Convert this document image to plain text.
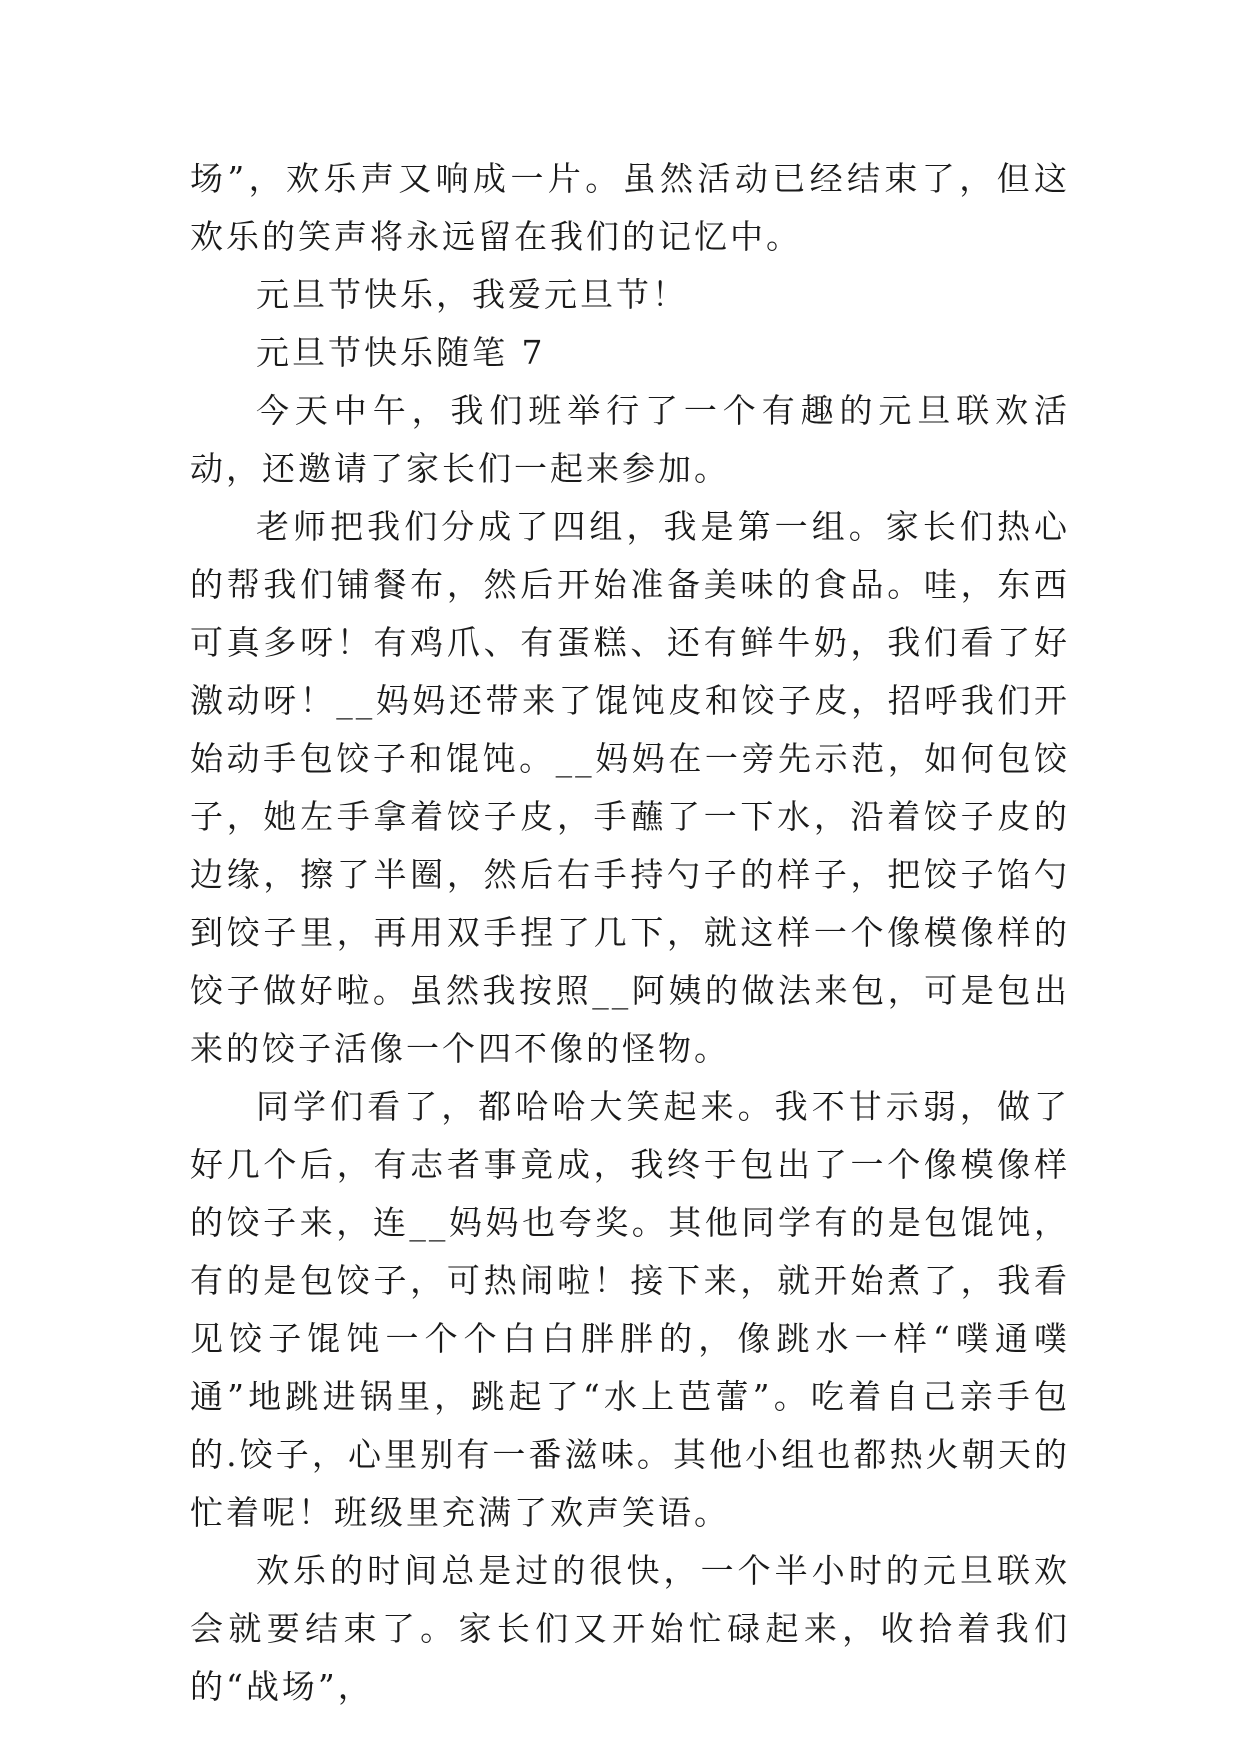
场”，欢乐声又响成一片。虽然活动已经结束了，但这欢乐的笑声将永远留在我们的记忆中。

元旦节快乐，我爱元旦节！

元旦节快乐随笔 7

今天中午，我们班举行了一个有趣的元旦联欢活动，还邀请了家长们一起来参加。

老师把我们分成了四组，我是第一组。家长们热心的帮我们铺餐布，然后开始准备美味的食品。哇，东西可真多呀！有鸡爪、有蛋糕、还有鲜牛奶，我们看了好激动呀！__妈妈还带来了馄饨皮和饺子皮，招呼我们开始动手包饺子和馄饨。__妈妈在一旁先示范，如何包饺子，她左手拿着饺子皮，手蘸了一下水，沿着饺子皮的边缘，擦了半圈，然后右手持勺子的样子，把饺子馅勺到饺子里，再用双手捏了几下，就这样一个像模像样的饺子做好啦。虽然我按照__阿姨的做法来包，可是包出来的饺子活像一个四不像的怪物。

同学们看了，都哈哈大笑起来。我不甘示弱，做了好几个后，有志者事竟成，我终于包出了一个像模像样的饺子来，连__妈妈也夸奖。其他同学有的是包馄饨，有的是包饺子，可热闹啦！接下来，就开始煮了，我看见饺子馄饨一个个白白胖胖的，像跳水一样“噗通噗通”地跳进锅里，跳起了“水上芭蕾”。吃着自己亲手包的.饺子，心里别有一番滋味。其他小组也都热火朝天的忙着呢！班级里充满了欢声笑语。

欢乐的时间总是过的很快，一个半小时的元旦联欢会就要结束了。家长们又开始忙碌起来，收拾着我们的“战场”，
